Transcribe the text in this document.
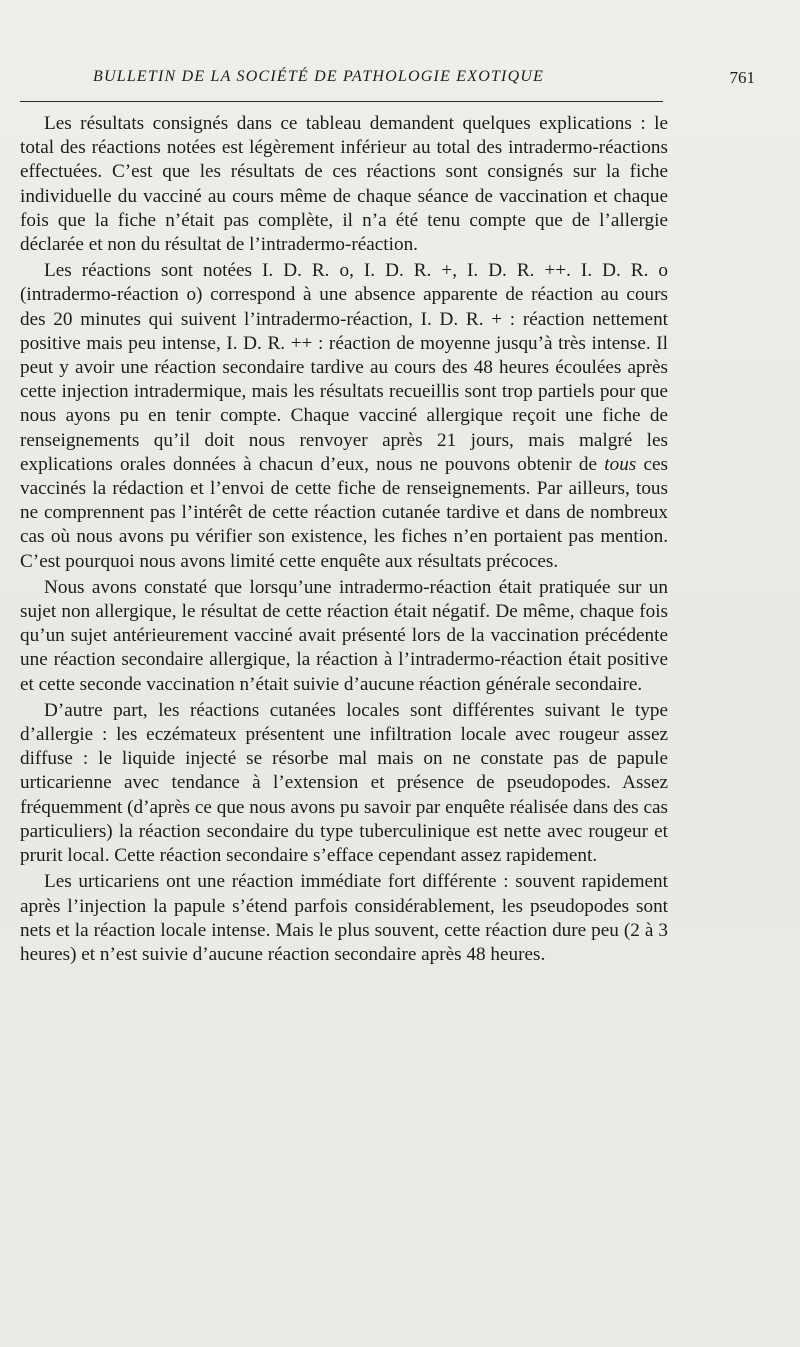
BULLETIN DE LA SOCIÉTÉ DE PATHOLOGIE EXOTIQUE	761

Les résultats consignés dans ce tableau demandent quelques explications : le total des réactions notées est légèrement inférieur au total des intradermo-réactions effectuées. C’est que les résultats de ces réactions sont consignés sur la fiche individuelle du vacciné au cours même de chaque séance de vaccination et chaque fois que la fiche n’était pas complète, il n’a été tenu compte que de l’allergie déclarée et non du résultat de l’intradermo-réaction.

Les réactions sont notées I. D. R. o, I. D. R. +, I. D. R. ++. I. D. R. o (intradermo-réaction o) correspond à une absence apparente de réaction au cours des 20 minutes qui suivent l’intradermo-réaction, I. D. R. + : réaction nettement positive mais peu intense, I. D. R. ++ : réaction de moyenne jusqu’à très intense. Il peut y avoir une réaction secondaire tardive au cours des 48 heures écoulées après cette injection intradermique, mais les résultats recueillis sont trop partiels pour que nous ayons pu en tenir compte. Chaque vacciné allergique reçoit une fiche de renseignements qu’il doit nous renvoyer après 21 jours, mais malgré les explications orales données à chacun d’eux, nous ne pouvons obtenir de tous ces vaccinés la rédaction et l’envoi de cette fiche de renseignements. Par ailleurs, tous ne comprennent pas l’intérêt de cette réaction cutanée tardive et dans de nombreux cas où nous avons pu vérifier son existence, les fiches n’en portaient pas mention. C’est pourquoi nous avons limité cette enquête aux résultats précoces.

Nous avons constaté que lorsqu’une intradermo-réaction était pratiquée sur un sujet non allergique, le résultat de cette réaction était négatif. De même, chaque fois qu’un sujet antérieurement vacciné avait présenté lors de la vaccination précédente une réaction secondaire allergique, la réaction à l’intradermo-réaction était positive et cette seconde vaccination n’était suivie d’aucune réaction générale secondaire.

D’autre part, les réactions cutanées locales sont différentes suivant le type d’allergie : les eczémateux présentent une infiltration locale avec rougeur assez diffuse : le liquide injecté se résorbe mal mais on ne constate pas de papule urticarienne avec tendance à l’extension et présence de pseudopodes. Assez fréquemment (d’après ce que nous avons pu savoir par enquête réalisée dans des cas particuliers) la réaction secondaire du type tuberculinique est nette avec rougeur et prurit local. Cette réaction secondaire s’efface cependant assez rapidement.

Les urticariens ont une réaction immédiate fort différente : souvent rapidement après l’injection la papule s’étend parfois considérablement, les pseudopodes sont nets et la réaction locale intense. Mais le plus souvent, cette réaction dure peu (2 à 3 heures) et n’est suivie d’aucune réaction secondaire après 48 heures.
